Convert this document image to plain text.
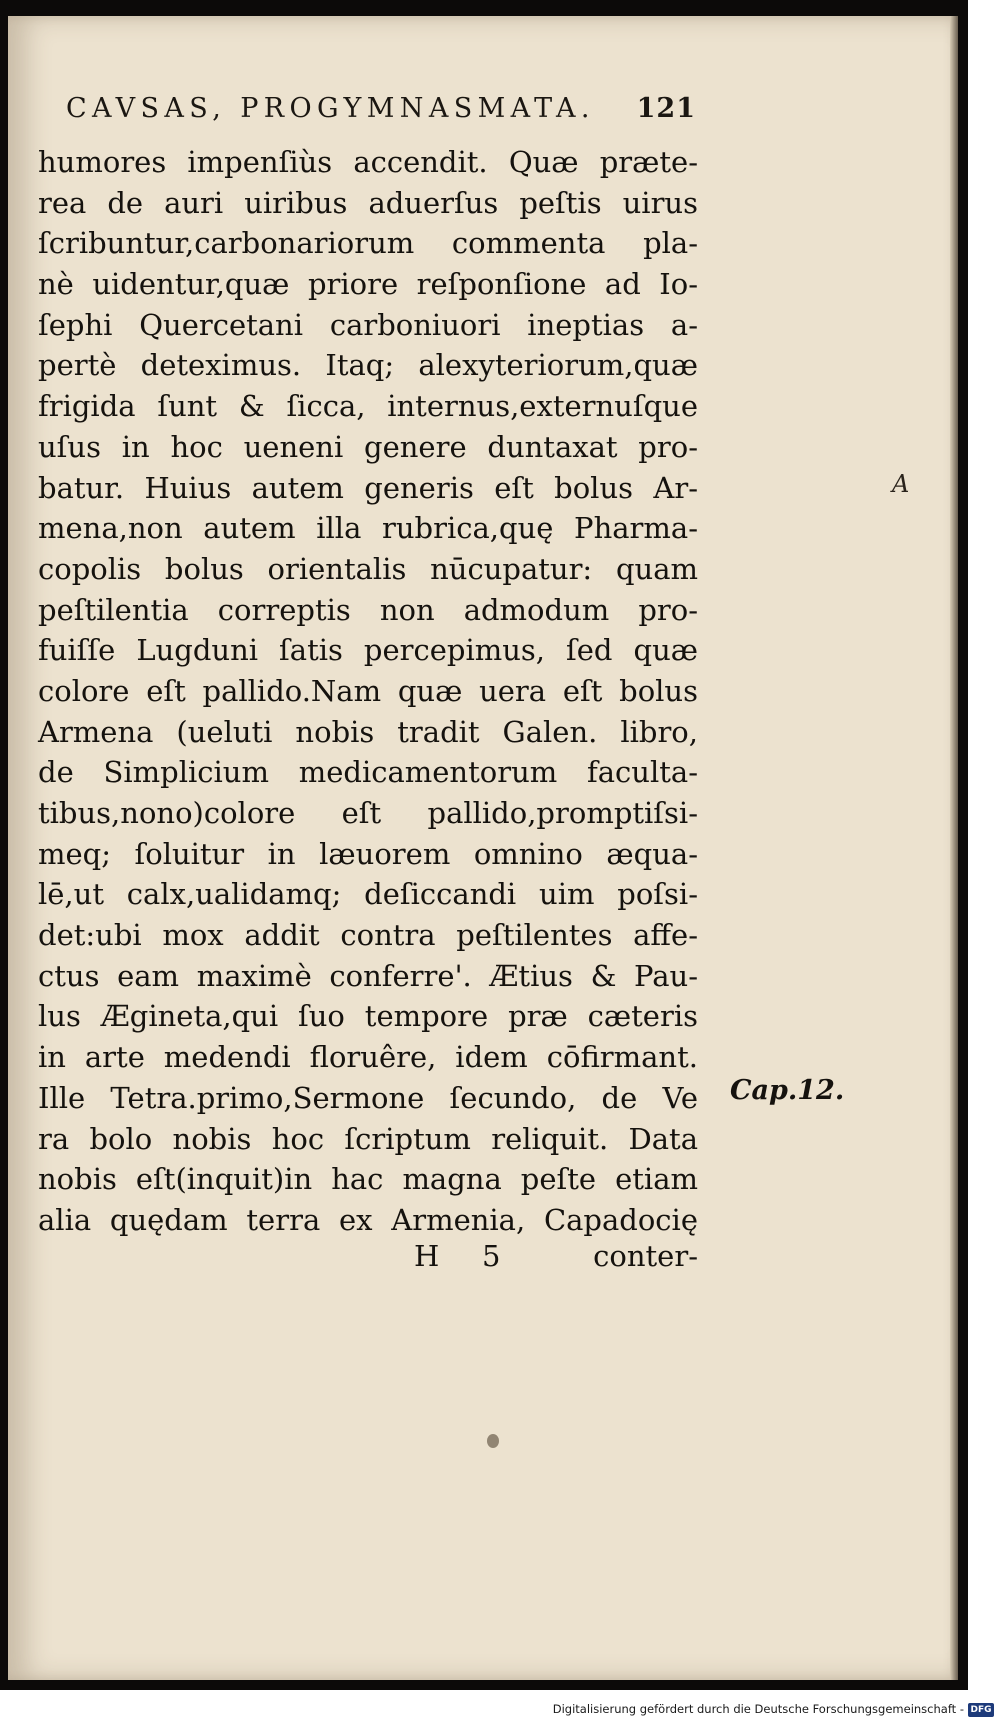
CAVSAS, PROGYMNASMATA. 121
humores impenſiùs accendit. Quæ præte-
rea de auri uiribus aduerſus peſtis uirus
ſcribuntur,carbonariorum commenta pla-
nè uidentur,quæ priore reſponſione ad Io-
ſephi Quercetani carboniuori ineptias a-
pertè deteximus. Itaq; alexyteriorum,quæ
frigida ſunt & ſicca, internus,externuſque
uſus in hoc ueneni genere duntaxat pro-
batur. Huius autem generis eſt bolus Ar-
mena,non autem illa rubrica,quę Pharma-
copolis bolus orientalis nūcupatur: quam
peſtilentia correptis non admodum pro-
fuiſſe Lugduni ſatis percepimus, ſed quæ
colore eſt pallido.Nam quæ uera eſt bolus
Armena (ueluti nobis tradit Galen. libro,
de Simplicium medicamentorum faculta-
tibus,nono)colore eſt pallido,promptiſsi-
meq; ſoluitur in læuorem omnino æqua-
lē,ut calx,ualidamq; deſiccandi uim poſsi-
det:ubi mox addit contra peſtilentes affe-
ctus eam maximè conferre'. Ætius & Pau-
lus Ægineta,qui ſuo tempore præ cæteris
in arte medendi floruêre, idem cōfirmant.
Ille Tetra.primo,Sermone ſecundo, de Ve
ra bolo nobis hoc ſcriptum reliquit. Data
nobis eſt(inquit)in hac magna peſte etiam
alia quędam terra ex Armenia, Capadocię
H 5	conter-
Cap.12.
A
Digitalisierung gefördert durch die Deutsche Forschungsgemeinschaft - DFG
